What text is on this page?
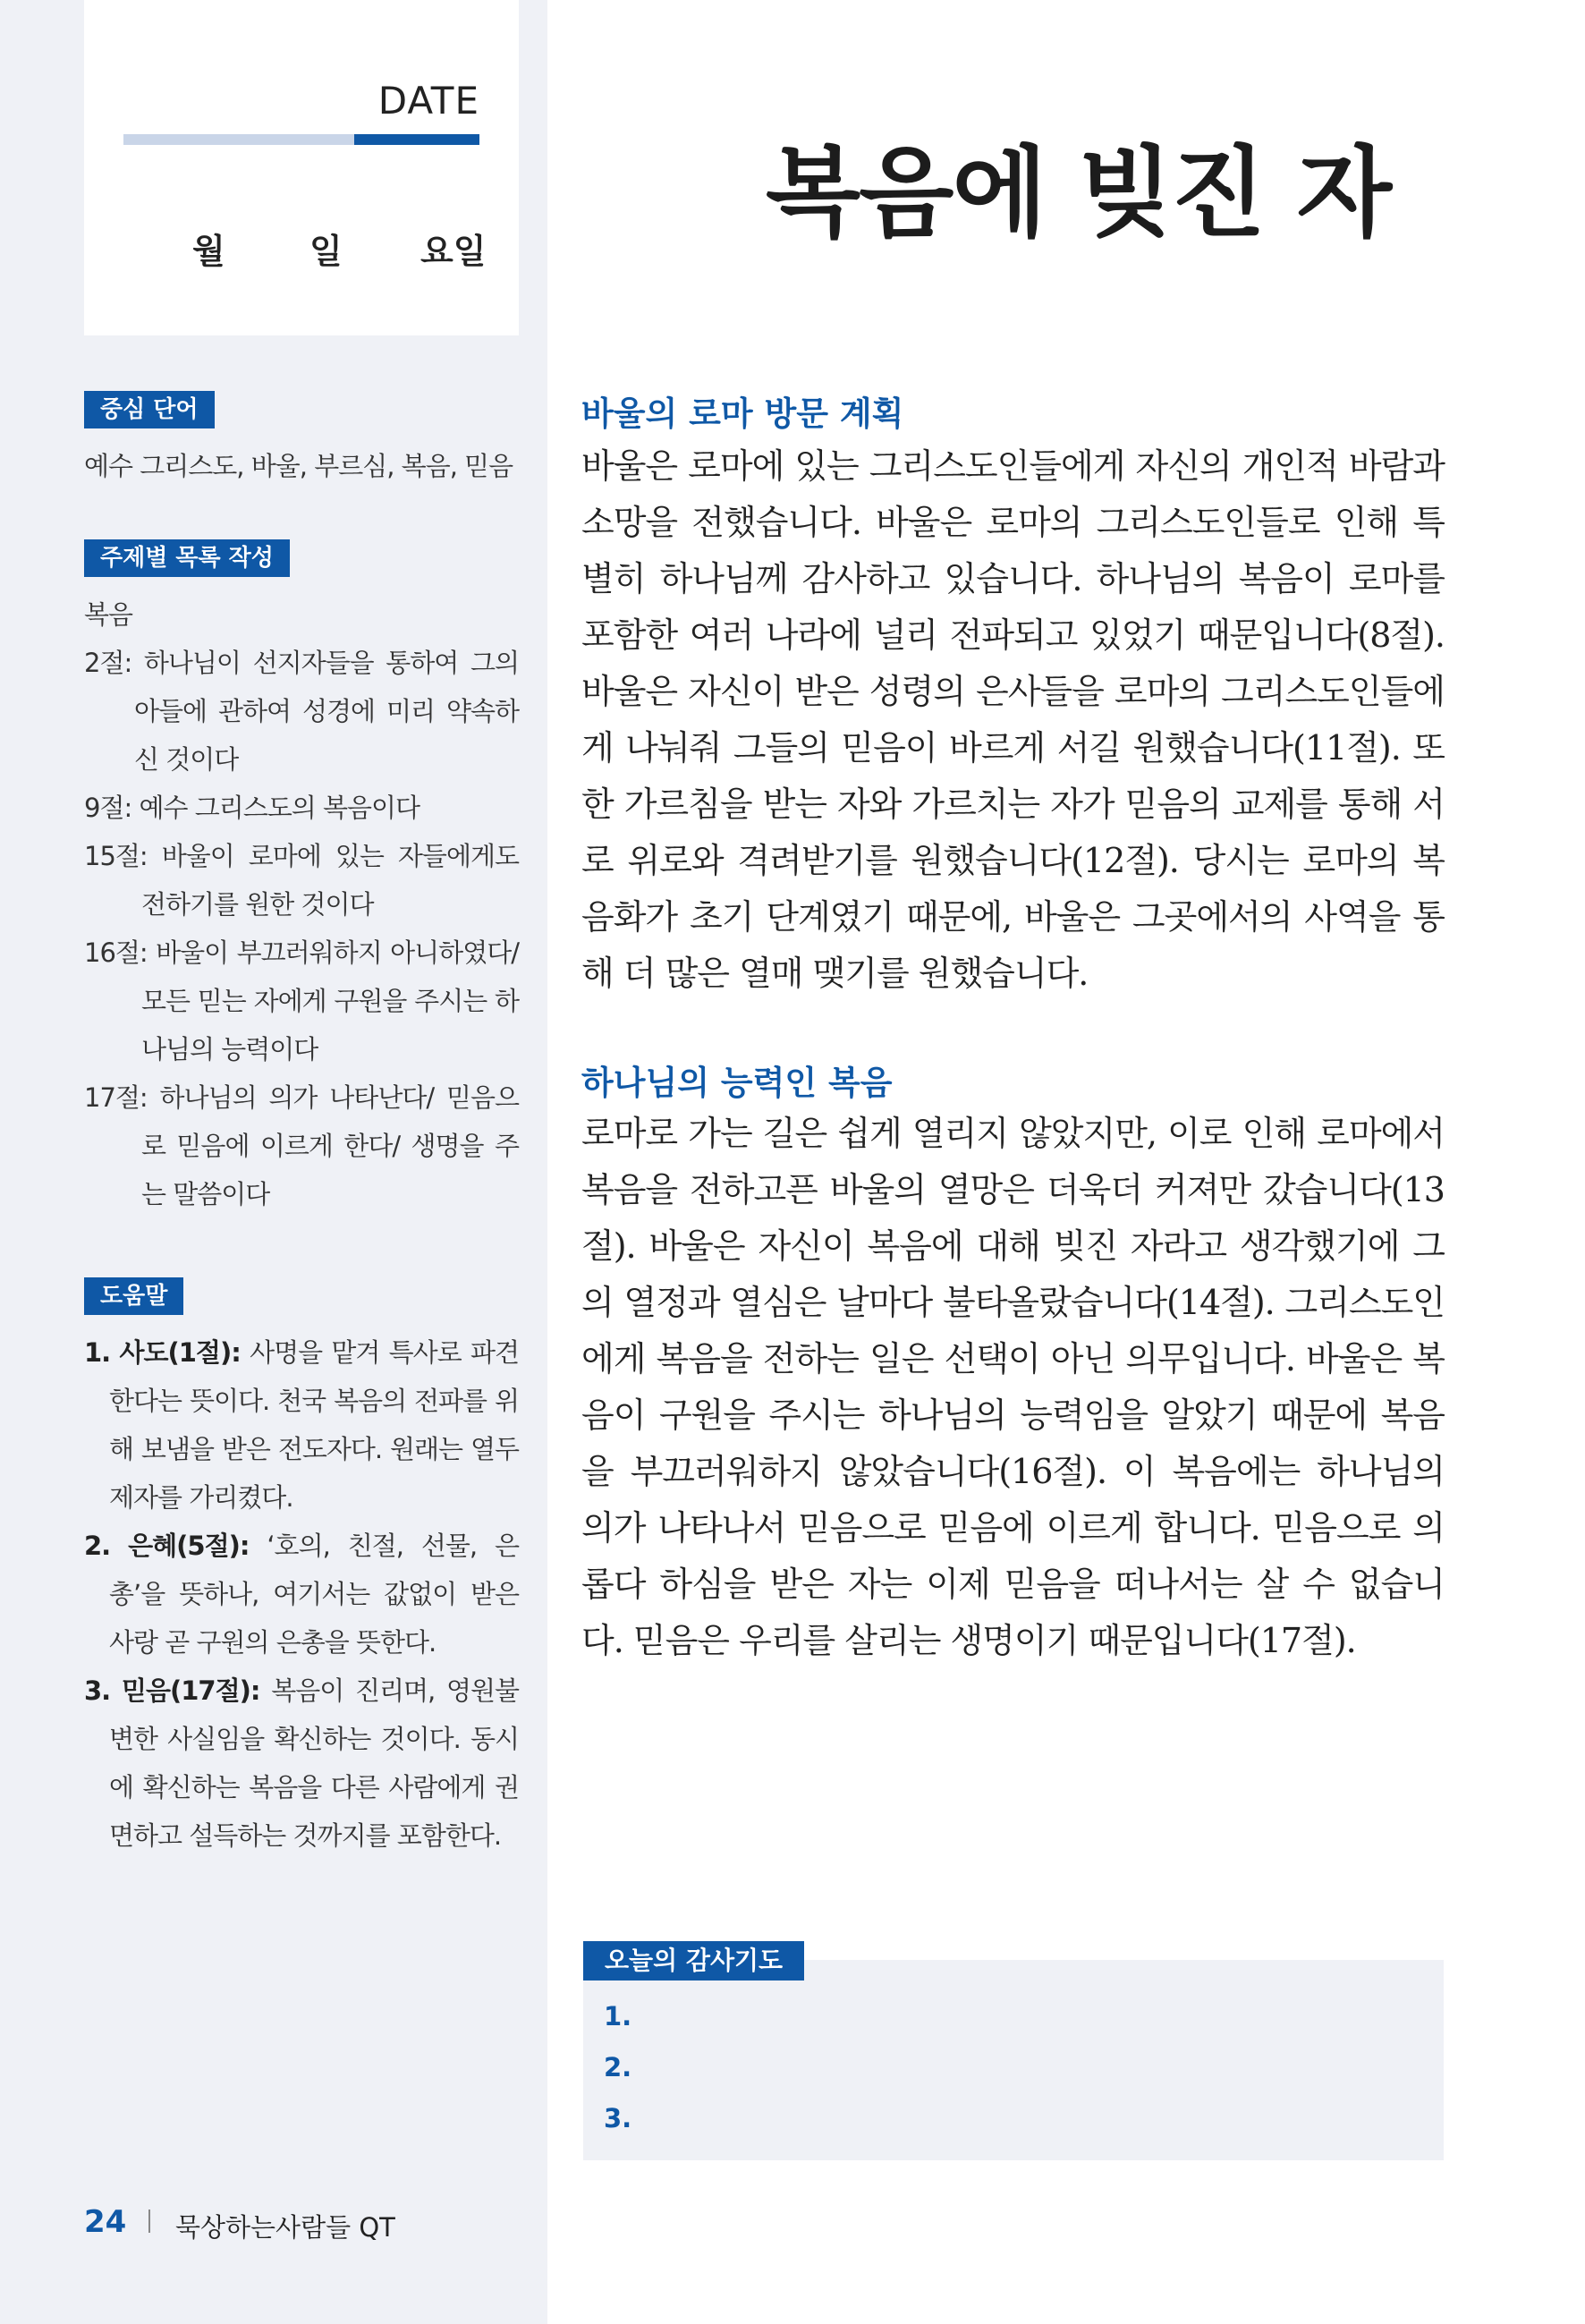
DATE
월 일 요일
복음에 빚진 자
중심 단어
예수 그리스도, 바울, 부르심, 복음, 믿음
주제별 목록 작성

복음

2절: 하나님이 선지자들을 통하여 그의 아들에 관하여 성경에 미리 약속하신 것이다

9절: 예수 그리스도의 복음이다

15절: 바울이 로마에 있는 자들에게도 전하기를 원한 것이다

16절: 바울이 부끄러워하지 아니하였다/ 모든 믿는 자에게 구원을 주시는 하나님의 능력이다

17절: 하나님의 의가 나타난다/ 믿음으로 믿음에 이르게 한다/ 생명을 주는 말씀이다

도움말

1. 사도(1절): 사명을 맡겨 특사로 파견한다는 뜻이다. 천국 복음의 전파를 위해 보냄을 받은 전도자다. 원래는 열두 제자를 가리켰다.

2. 은혜(5절): ‘호의, 친절, 선물, 은총’을 뜻하나, 여기서는 값없이 받은 사랑 곧 구원의 은총을 뜻한다.

3. 믿음(17절): 복음이 진리며, 영원불변한 사실임을 확신하는 것이다. 동시에 확신하는 복음을 다른 사람에게 권면하고 설득하는 것까지를 포함한다.

바울의 로마 방문 계획

바울은 로마에 있는 그리스도인들에게 자신의 개인적 바람과 소망을 전했습니다. 바울은 로마의 그리스도인들로 인해 특별히 하나님께 감사하고 있습니다. 하나님의 복음이 로마를 포함한 여러 나라에 널리 전파되고 있었기 때문입니다(8절). 바울은 자신이 받은 성령의 은사들을 로마의 그리스도인들에게 나눠줘 그들의 믿음이 바르게 서길 원했습니다(11절). 또한 가르침을 받는 자와 가르치는 자가 믿음의 교제를 통해 서로 위로와 격려받기를 원했습니다(12절). 당시는 로마의 복음화가 초기 단계였기 때문에, 바울은 그곳에서의 사역을 통해 더 많은 열매 맺기를 원했습니다.

하나님의 능력인 복음

로마로 가는 길은 쉽게 열리지 않았지만, 이로 인해 로마에서 복음을 전하고픈 바울의 열망은 더욱더 커져만 갔습니다(13절). 바울은 자신이 복음에 대해 빚진 자라고 생각했기에 그의 열정과 열심은 날마다 불타올랐습니다(14절). 그리스도인에게 복음을 전하는 일은 선택이 아닌 의무입니다. 바울은 복음이 구원을 주시는 하나님의 능력임을 알았기 때문에 복음을 부끄러워하지 않았습니다(16절). 이 복음에는 하나님의 의가 나타나서 믿음으로 믿음에 이르게 합니다. 믿음으로 의롭다 하심을 받은 자는 이제 믿음을 떠나서는 살 수 없습니다. 믿음은 우리를 살리는 생명이기 때문입니다(17절).

오늘의 감사기도
1.
2.
3.
24 묵상하는사람들 QT
